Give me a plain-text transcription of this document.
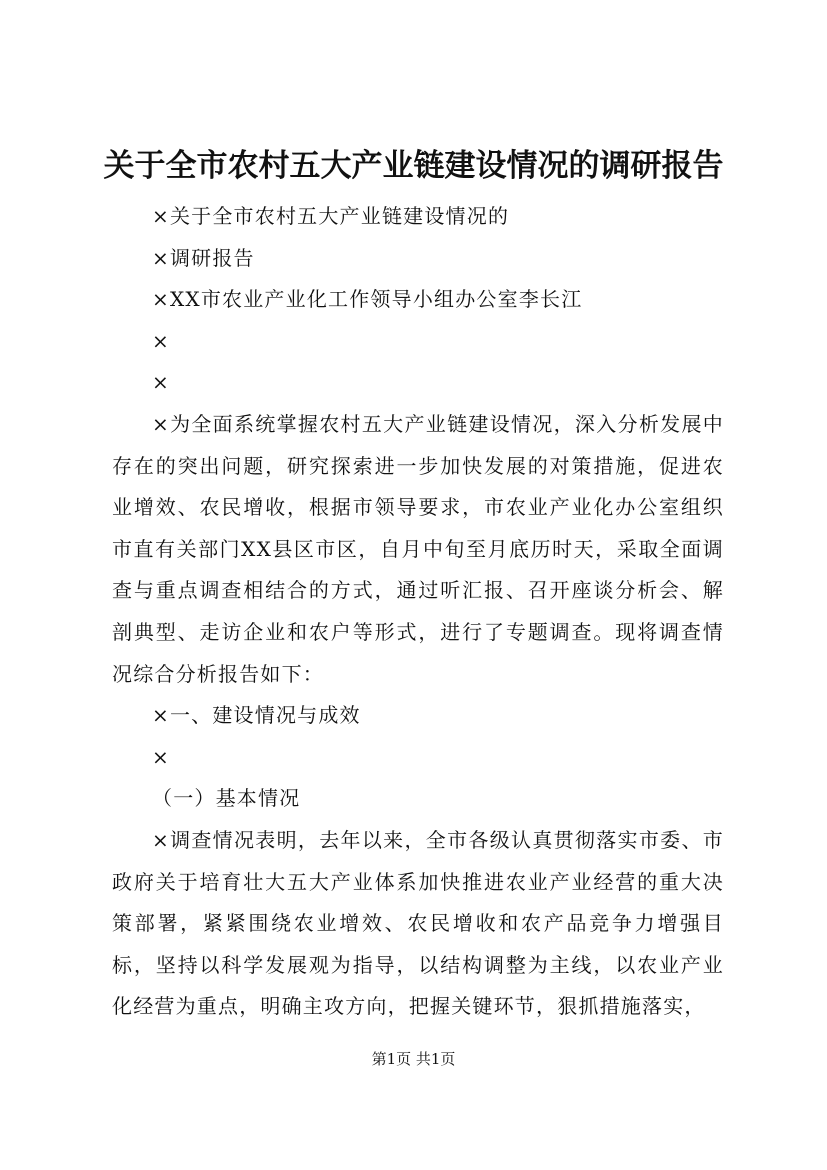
关于全市农村五大产业链建设情况的调研报告

×关于全市农村五大产业链建设情况的

×调研报告

×XX市农业产业化工作领导小组办公室李长江

×

×

×为全面系统掌握农村五大产业链建设情况，深入分析发展中存在的突出问题，研究探索进一步加快发展的对策措施，促进农业增效、农民增收，根据市领导要求，市农业产业化办公室组织市直有关部门XX县区市区，自月中旬至月底历时天，采取全面调查与重点调查相结合的方式，通过听汇报、召开座谈分析会、解剖典型、走访企业和农户等形式，进行了专题调查。现将调查情况综合分析报告如下：

×一、建设情况与成效

×

（一）基本情况

×调查情况表明，去年以来，全市各级认真贯彻落实市委、市政府关于培育壮大五大产业体系加快推进农业产业经营的重大决策部署，紧紧围绕农业增效、农民增收和农产品竞争力增强目标，坚持以科学发展观为指导，以结构调整为主线，以农业产业化经营为重点，明确主攻方向，把握关键环节，狠抓措施落实，

第1页 共1页
